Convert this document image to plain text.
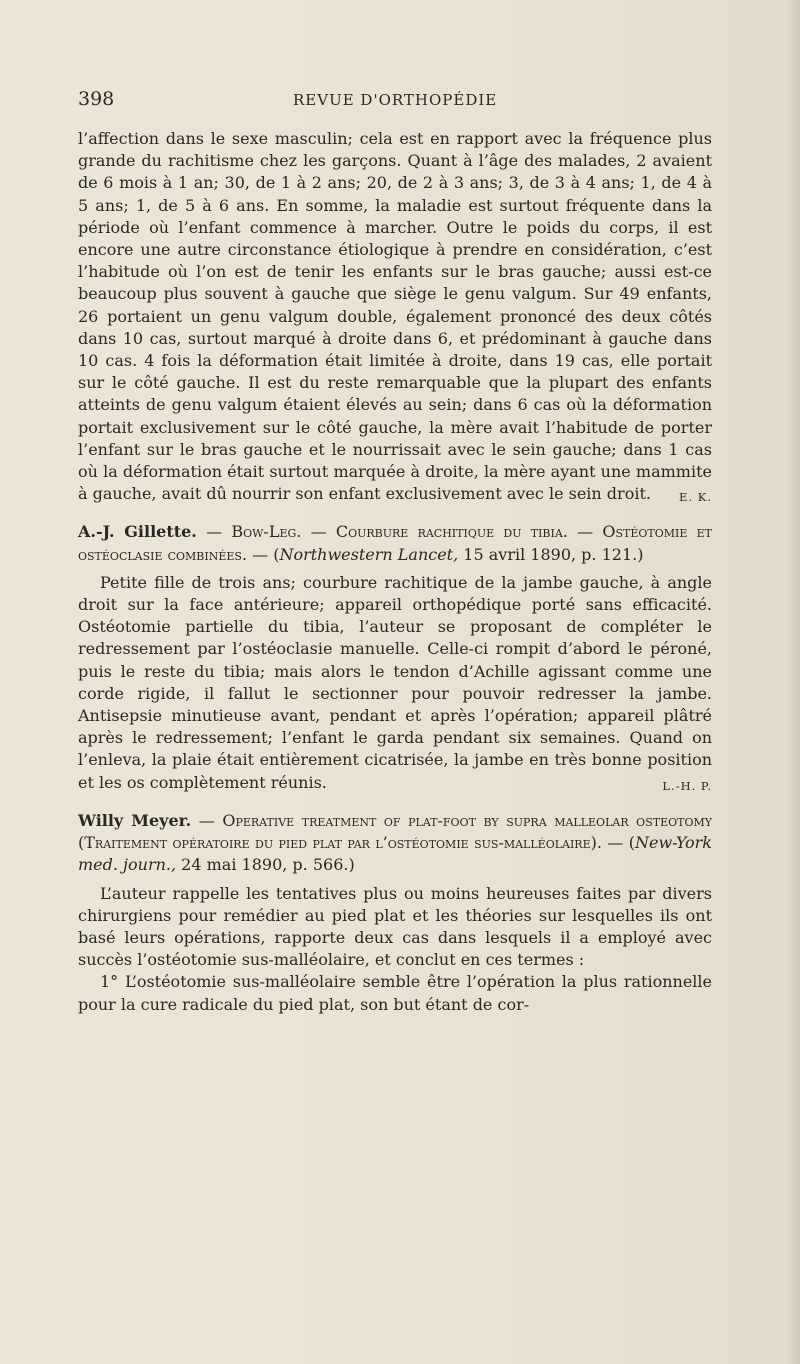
398	REVUE D'ORTHOPÉDIE

l’affection dans le sexe masculin; cela est en rapport avec la fréquence plus grande du rachitisme chez les garçons. Quant à l’âge des malades, 2 avaient de 6 mois à 1 an; 30, de 1 à 2 ans; 20, de 2 à 3 ans; 3, de 3 à 4 ans; 1, de 4 à 5 ans; 1, de 5 à 6 ans. En somme, la maladie est surtout fréquente dans la période où l’enfant commence à marcher. Outre le poids du corps, il est encore une autre circonstance étiologique à prendre en considération, c’est l’habitude où l’on est de tenir les enfants sur le bras gauche; aussi est-ce beaucoup plus souvent à gauche que siège le genu valgum. Sur 49 enfants, 26 portaient un genu valgum double, également prononcé des deux côtés dans 10 cas, surtout marqué à droite dans 6, et prédominant à gauche dans 10 cas. 4 fois la déformation était limitée à droite, dans 19 cas, elle portait sur le côté gauche. Il est du reste remarquable que la plupart des enfants atteints de genu valgum étaient élevés au sein; dans 6 cas où la déformation portait exclusivement sur le côté gauche, la mère avait l’habitude de porter l’enfant sur le bras gauche et le nourrissait avec le sein gauche; dans 1 cas où la déformation était surtout marquée à droite, la mère ayant une mammite à gauche, avait dû nourrir son enfant exclusivement avec le sein droit. E. K.

A.-J. Gillette. — Bow-Leg. — Courbure rachitique du tibia. — Ostéotomie et ostéoclasie combinées. — (Northwestern Lancet, 15 avril 1890, p. 121.)

Petite fille de trois ans; courbure rachitique de la jambe gauche, à angle droit sur la face antérieure; appareil orthopédique porté sans efficacité. Ostéotomie partielle du tibia, l’auteur se proposant de compléter le redressement par l’ostéoclasie manuelle. Celle-ci rompit d’abord le péroné, puis le reste du tibia; mais alors le tendon d’Achille agissant comme une corde rigide, il fallut le sectionner pour pouvoir redresser la jambe. Antisepsie minutieuse avant, pendant et après l’opération; appareil plâtré après le redressement; l’enfant le garda pendant six semaines. Quand on l’enleva, la plaie était entièrement cicatrisée, la jambe en très bonne position et les os complètement réunis.	L.-H. P.

Willy Meyer. — Operative treatment of plat-foot by supra malleolar osteotomy (Traitement opératoire du pied plat par l’ostéotomie sus-malléolaire). — (New-York med. journ., 24 mai 1890, p. 566.)

L’auteur rappelle les tentatives plus ou moins heureuses faites par divers chirurgiens pour remédier au pied plat et les théories sur lesquelles ils ont basé leurs opérations, rapporte deux cas dans lesquels il a employé avec succès l’ostéotomie sus-malléolaire, et conclut en ces termes :

1° L’ostéotomie sus-malléolaire semble être l’opération la plus rationnelle pour la cure radicale du pied plat, son but étant de cor-
